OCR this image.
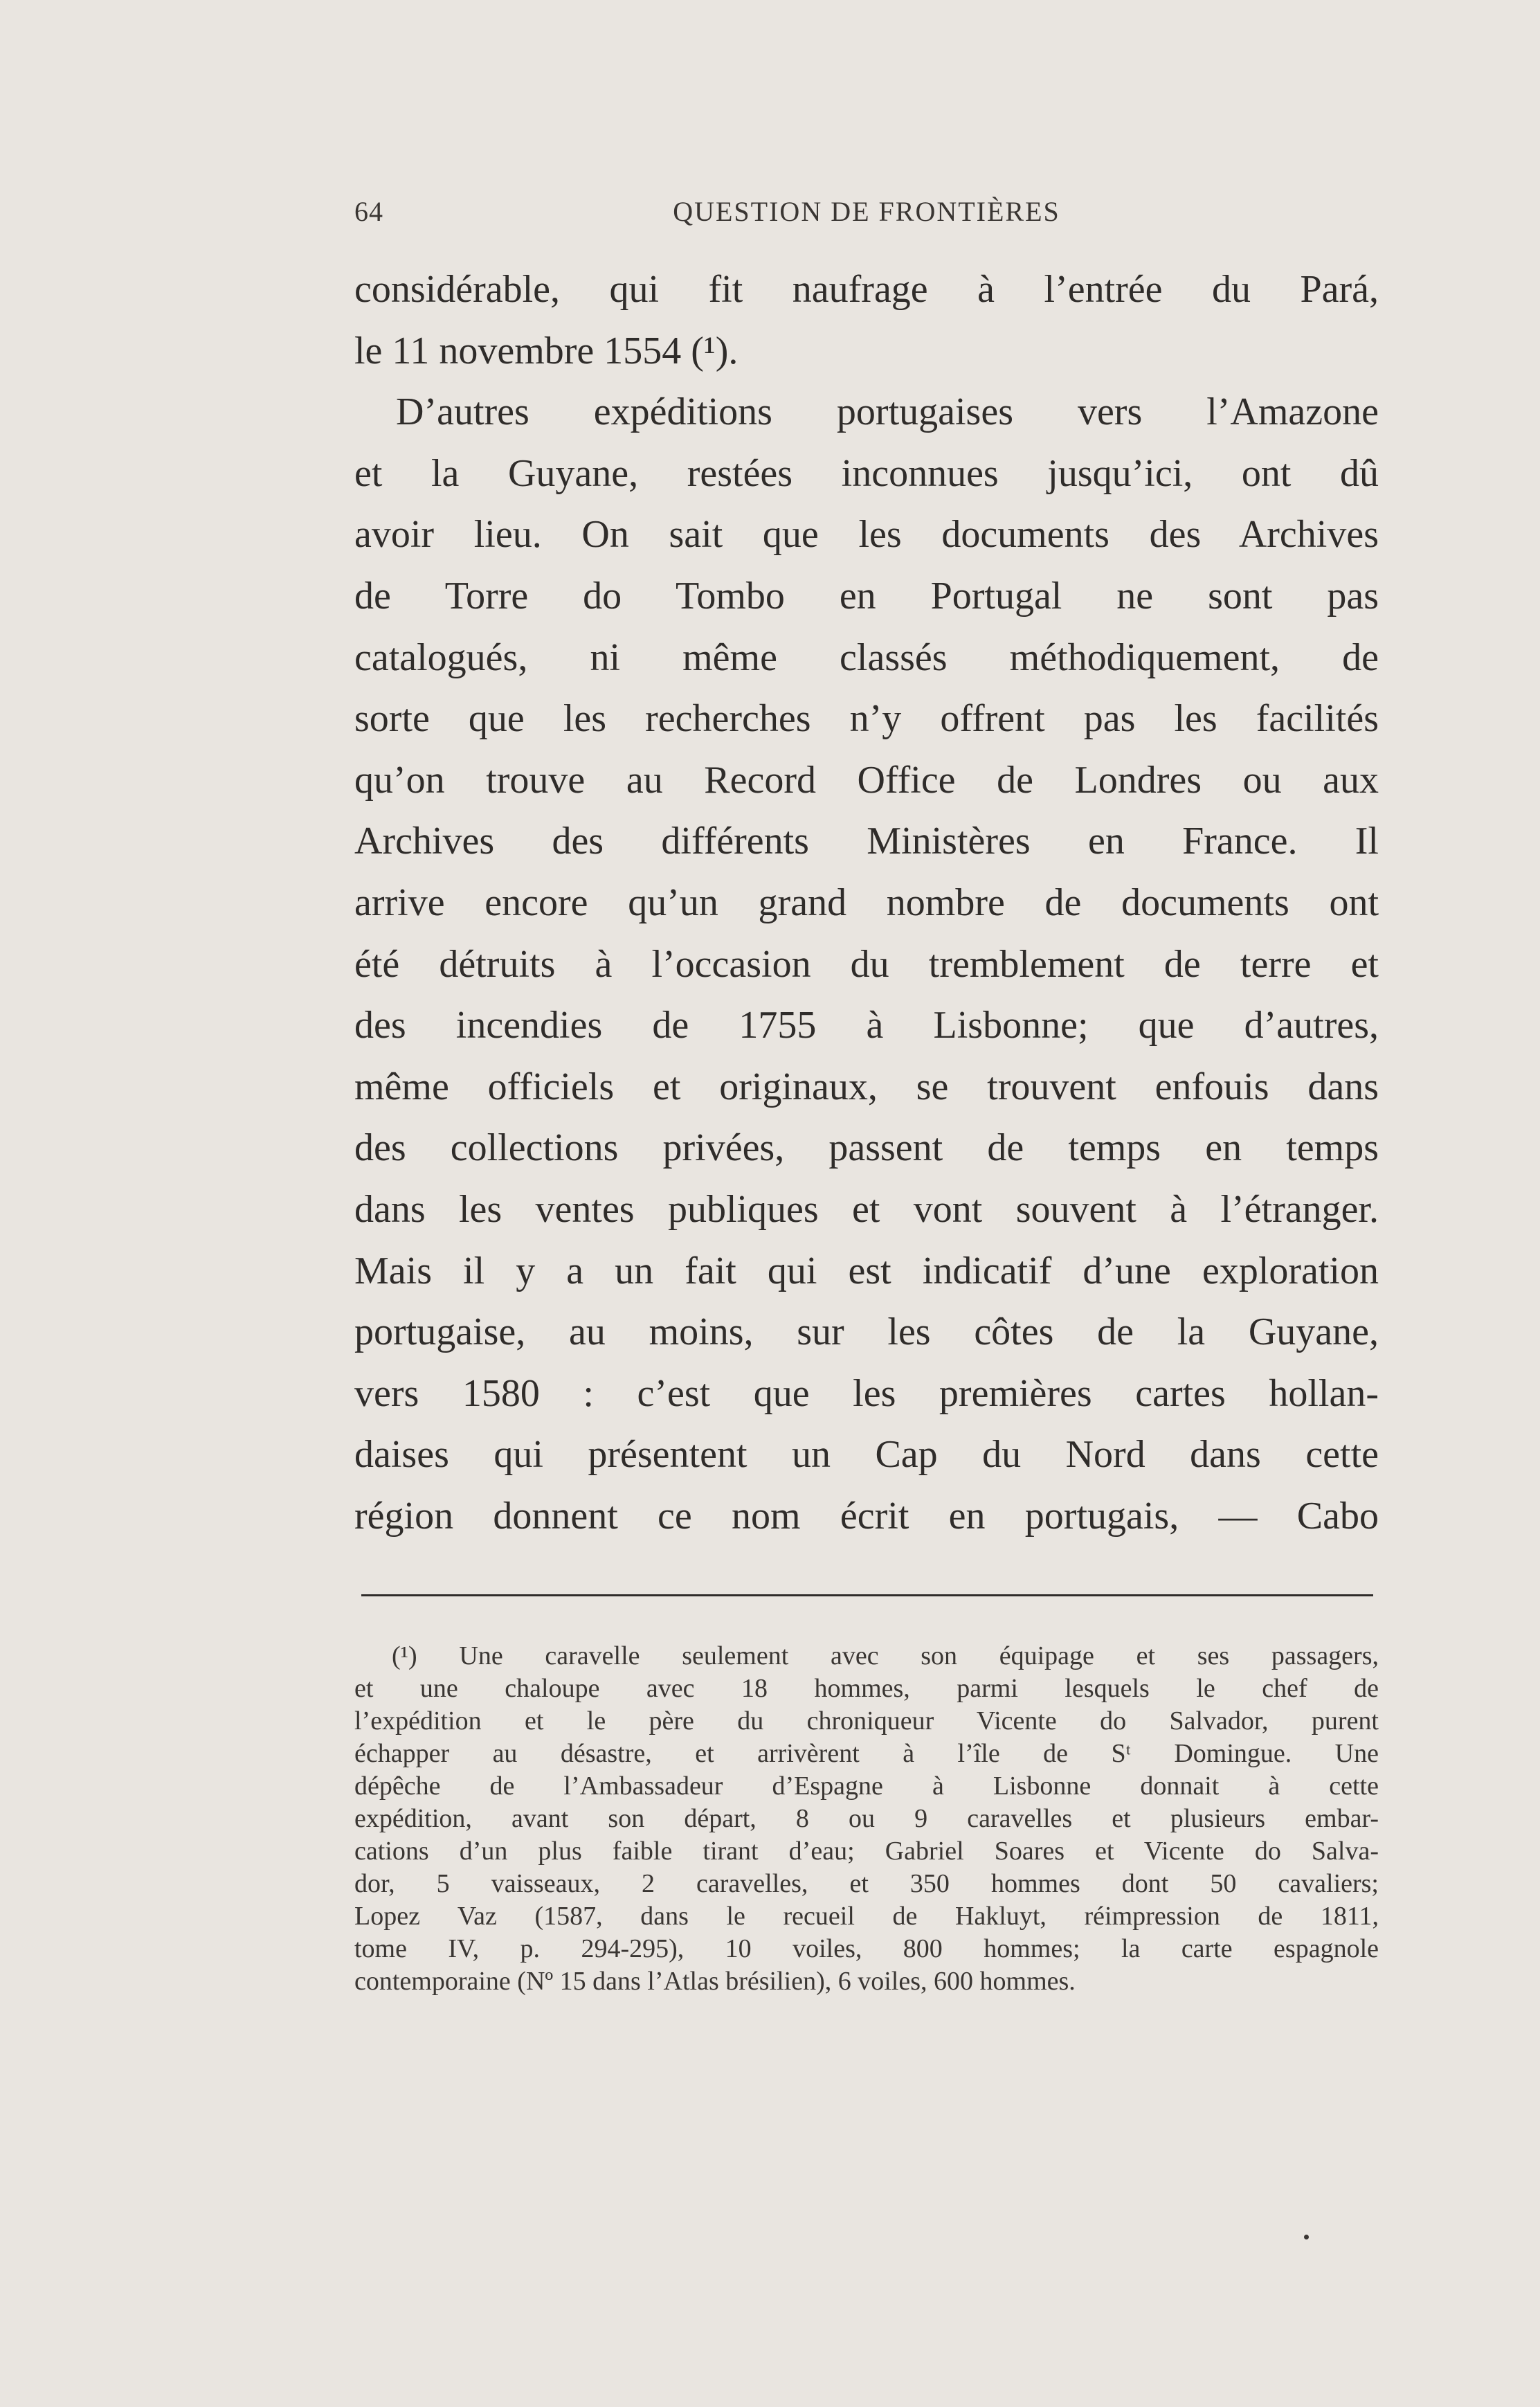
64	QUESTION DE FRONTIÈRES
considérable, qui fit naufrage à l’entrée du Pará,
le 11 novembre 1554 (¹).
D’autres expéditions portugaises vers l’Amazone
et la Guyane, restées inconnues jusqu’ici, ont dû
avoir lieu. On sait que les documents des Archives
de Torre do Tombo en Portugal ne sont pas
catalogués, ni même classés méthodiquement, de
sorte que les recherches n’y offrent pas les facilités
qu’on trouve au Record Office de Londres ou aux
Archives des différents Ministères en France. Il
arrive encore qu’un grand nombre de documents ont
été détruits à l’occasion du tremblement de terre et
des incendies de 1755 à Lisbonne; que d’autres,
même officiels et originaux, se trouvent enfouis dans
des collections privées, passent de temps en temps
dans les ventes publiques et vont souvent à l’étranger.
Mais il y a un fait qui est indicatif d’une exploration
portugaise, au moins, sur les côtes de la Guyane,
vers 1580 : c’est que les premières cartes hollan-
daises qui présentent un Cap du Nord dans cette
région donnent ce nom écrit en portugais, — Cabo
(¹) Une caravelle seulement avec son équipage et ses passagers,
et une chaloupe avec 18 hommes, parmi lesquels le chef de
l’expédition et le père du chroniqueur Vicente do Salvador, purent
échapper au désastre, et arrivèrent à l’île de Sᵗ Domingue. Une
dépêche de l’Ambassadeur d’Espagne à Lisbonne donnait à cette
expédition, avant son départ, 8 ou 9 caravelles et plusieurs embar-
cations d’un plus faible tirant d’eau; Gabriel Soares et Vicente do Salva-
dor, 5 vaisseaux, 2 caravelles, et 350 hommes dont 50 cavaliers;
Lopez Vaz (1587, dans le recueil de Hakluyt, réimpression de 1811,
tome IV, p. 294-295), 10 voiles, 800 hommes; la carte espagnole
contemporaine (Nº 15 dans l’Atlas brésilien), 6 voiles, 600 hommes.
